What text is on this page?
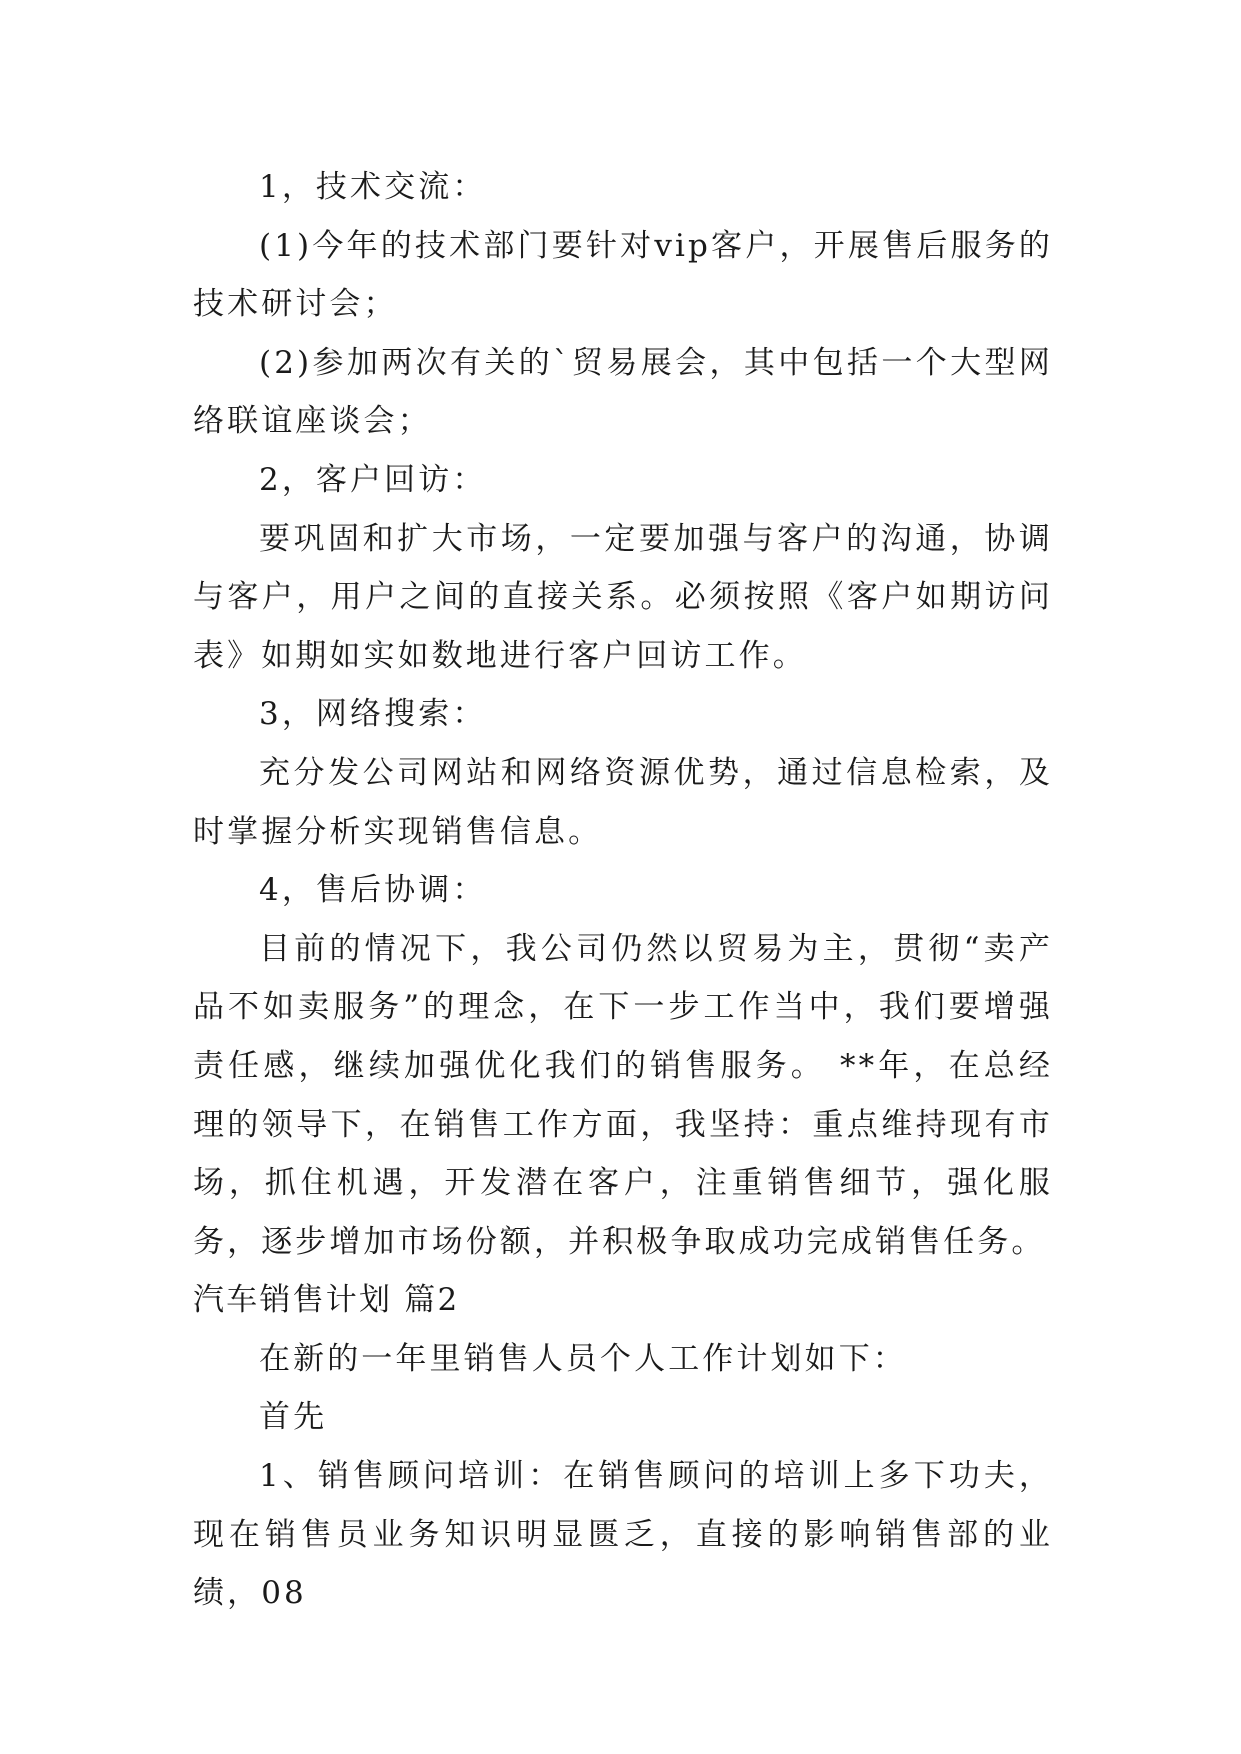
1，技术交流：

(1)今年的技术部门要针对vip客户，开展售后服务的技术研讨会；

(2)参加两次有关的`贸易展会，其中包括一个大型网络联谊座谈会；

2，客户回访：

要巩固和扩大市场，一定要加强与客户的沟通，协调与客户，用户之间的直接关系。必须按照《客户如期访问表》如期如实如数地进行客户回访工作。

3，网络搜索：

充分发公司网站和网络资源优势，通过信息检索，及时掌握分析实现销售信息。

4，售后协调：

目前的情况下，我公司仍然以贸易为主，贯彻“卖产品不如卖服务”的理念，在下一步工作当中，我们要增强责任感，继续加强优化我们的销售服务。 **年，在总经理的领导下，在销售工作方面，我坚持：重点维持现有市场，抓住机遇，开发潜在客户，注重销售细节，强化服务，逐步增加市场份额，并积极争取成功完成销售任务。

汽车销售计划 篇2

在新的一年里销售人员个人工作计划如下：

首先

1、销售顾问培训：在销售顾问的培训上多下功夫，现在销售员业务知识明显匮乏，直接的影响销售部的业绩，08
